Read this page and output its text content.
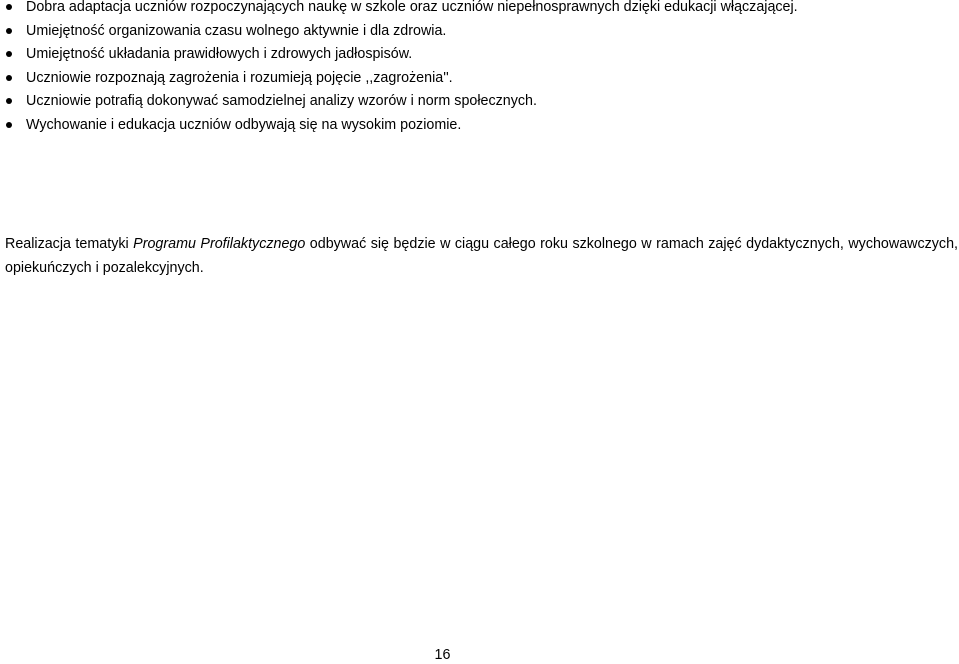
Dobra adaptacja uczniów rozpoczynających naukę w szkole oraz uczniów niepełnosprawnych dzięki edukacji włączającej.
Umiejętność organizowania czasu wolnego aktywnie i dla zdrowia.
Umiejętność układania prawidłowych i zdrowych jadłospisów.
Uczniowie rozpoznają zagrożenia i rozumieją pojęcie ,,zagrożenia''.
Uczniowie potrafią dokonywać samodzielnej analizy wzorów i norm społecznych.
Wychowanie i edukacja uczniów odbywają się na wysokim poziomie.

Realizacja tematyki Programu Profilaktycznego odbywać się będzie w ciągu całego roku szkolnego w ramach zajęć dydaktycznych, wychowawczych, opiekuńczych i pozalekcyjnych.

16
